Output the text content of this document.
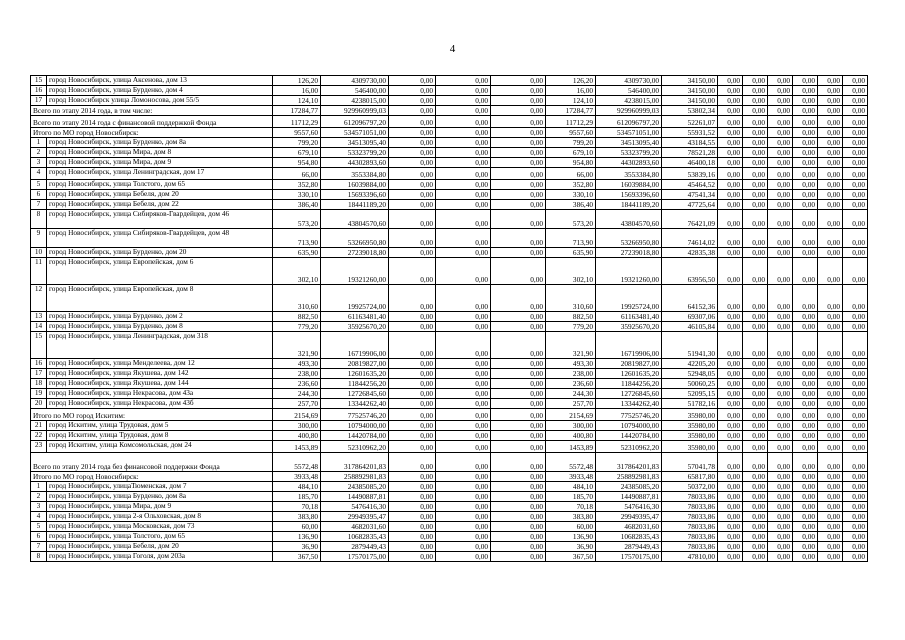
4
15	город Новосибирск, улица Аксенова, дом 13	126,20	4309730,00	0,00	0,00	0,00	126,20	4309730,00	34150,00	0,00	0,00	0,00	0,00	0,00	0,00
16	город Новосибирск, улица Бурденко, дом 4	16,00	546400,00	0,00	0,00	0,00	16,00	546400,00	34150,00	0,00	0,00	0,00	0,00	0,00	0,00
17	город Новосибирск улица Ломоносова, дом 55/5	124,10	4238015,00	0,00	0,00	0,00	124,10	4238015,00	34150,00	0,00	0,00	0,00	0,00	0,00	0,00
Всего по этапу 2014 года, в том числе:		17284,77	929960999,03	0,00	0,00	0,00	17284,77	929960999,03	53802,34	0,00	0,00	0,00	0,00	0,00	0,00
Всего по этапу 2014 года с финансовой поддержкой Фонда		11712,29	612096797,20	0,00	0,00	0,00	11712,29	612096797,20	52261,07	0,00	0,00	0,00	0,00	0,00	0,00
Итого по МО город Новосибирск:		9557,60	534571051,00	0,00	0,00	0,00	9557,60	534571051,00	55931,52	0,00	0,00	0,00	0,00	0,00	0,00
1	город Новосибирск, улица Бурденко, дом 8а	799,20	34513095,40	0,00	0,00	0,00	799,20	34513095,40	43184,55	0,00	0,00	0,00	0,00	0,00	0,00
2	город Новосибирск, улица Мира, дом 8	679,10	53323799,20	0,00	0,00	0,00	679,10	53323799,20	78521,28	0,00	0,00	0,00	0,00	0,00	0,00
3	город Новосибирск, улица Мира, дом 9	954,80	44302893,60	0,00	0,00	0,00	954,80	44302893,60	46400,18	0,00	0,00	0,00	0,00	0,00	0,00
4	город Новосибирск, улица Ленинградская, дом 17	66,00	3553384,80	0,00	0,00	0,00	66,00	3553384,80	53839,16	0,00	0,00	0,00	0,00	0,00	0,00
5	город Новосибирск, улица Толстого, дом 65	352,80	16039884,00	0,00	0,00	0,00	352,80	16039884,00	45464,52	0,00	0,00	0,00	0,00	0,00	0,00
6	город Новосибирск, улица Бебеля, дом 20	330,10	15693396,60	0,00	0,00	0,00	330,10	15693396,60	47541,34	0,00	0,00	0,00	0,00	0,00	0,00
7	город Новосибирск, улица Бебеля, дом 22	386,40	18441189,20	0,00	0,00	0,00	386,40	18441189,20	47725,64	0,00	0,00	0,00	0,00	0,00	0,00
8	город Новосибирск, улица Сибиряков-Гвардейцев, дом 46	573,20	43804570,60	0,00	0,00	0,00	573,20	43804570,60	76421,09	0,00	0,00	0,00	0,00	0,00	0,00
9	город Новосибирск, улица Сибиряков-Гвардейцев, дом 48	713,90	53266950,80	0,00	0,00	0,00	713,90	53266950,80	74614,02	0,00	0,00	0,00	0,00	0,00	0,00
10	город Новосибирск, улица Бурденко, дом 20	635,90	27239018,80	0,00	0,00	0,00	635,90	27239018,80	42835,38	0,00	0,00	0,00	0,00	0,00	0,00
11	город Новосибирск, улица Европейская, дом 6	302,10	19321260,00	0,00	0,00	0,00	302,10	19321260,00	63956,50	0,00	0,00	0,00	0,00	0,00	0,00
12	город Новосибирск, улица Европейская, дом 8	310,60	19925724,00	0,00	0,00	0,00	310,60	19925724,00	64152,36	0,00	0,00	0,00	0,00	0,00	0,00
13	город Новосибирск, улица Бурденко, дом 2	882,50	61163481,40	0,00	0,00	0,00	882,50	61163481,40	69307,06	0,00	0,00	0,00	0,00	0,00	0,00
14	город Новосибирск, улица Бурденко, дом 8	779,20	35925670,20	0,00	0,00	0,00	779,20	35925670,20	46105,84	0,00	0,00	0,00	0,00	0,00	0,00
15	город Новосибирск, улица Ленинградская, дом 318	321,90	16719906,00	0,00	0,00	0,00	321,90	16719906,00	51941,30	0,00	0,00	0,00	0,00	0,00	0,00
16	город Новосибирск, улица Менделеева, дом 12	493,30	20819827,00	0,00	0,00	0,00	493,30	20819827,00	42205,20	0,00	0,00	0,00	0,00	0,00	0,00
17	город Новосибирск, улица Якушева, дом 142	238,00	12601635,20	0,00	0,00	0,00	238,00	12601635,20	52948,05	0,00	0,00	0,00	0,00	0,00	0,00
18	город Новосибирск, улица Якушева, дом 144	236,60	11844256,20	0,00	0,00	0,00	236,60	11844256,20	50060,25	0,00	0,00	0,00	0,00	0,00	0,00
19	город Новосибирск, улица Некрасова, дом 43а	244,30	12726845,60	0,00	0,00	0,00	244,30	12726845,60	52095,15	0,00	0,00	0,00	0,00	0,00	0,00
20	город Новосибирск, улица Некрасова, дом 43б	257,70	13344262,40	0,00	0,00	0,00	257,70	13344262,40	51782,16	0,00	0,00	0,00	0,00	0,00	0,00
Итого по МО город Искитим:		2154,69	77525746,20	0,00	0,00	0,00	2154,69	77525746,20	35980,00	0,00	0,00	0,00	0,00	0,00	0,00
21	город Искитим, улица Трудовая, дом 5	300,00	10794000,00	0,00	0,00	0,00	300,00	10794000,00	35980,00	0,00	0,00	0,00	0,00	0,00	0,00
22	город Искитим, улица Трудовая, дом 8	400,80	14420784,00	0,00	0,00	0,00	400,80	14420784,00	35980,00	0,00	0,00	0,00	0,00	0,00	0,00
23	город Искитим, улица Комсомольская, дом 24	1453,89	52310962,20	0,00	0,00	0,00	1453,89	52310962,20	35980,00	0,00	0,00	0,00	0,00	0,00	0,00
Всего по этапу 2014 года без финансовой поддержки Фонда		5572,48	317864201,83	0,00	0,00	0,00	5572,48	317864201,83	57041,78	0,00	0,00	0,00	0,00	0,00	0,00
Итого по МО город Новосибирск:		3933,48	258892981,83	0,00	0,00	0,00	3933,48	258892981,83	65817,80	0,00	0,00	0,00	0,00	0,00	0,00
1	город Новосибирск, улицаТюменская, дом 7	484,10	24385085,20	0,00	0,00	0,00	484,10	24385085,20	50372,00	0,00	0,00	0,00	0,00	0,00	0,00
2	город Новосибирск, улица Бурденко, дом 8а	185,70	14490887,81	0,00	0,00	0,00	185,70	14490887,81	78033,86	0,00	0,00	0,00	0,00	0,00	0,00
3	город Новосибирск, улица Мира, дом 9	70,18	5476416,30	0,00	0,00	0,00	70,18	5476416,30	78033,86	0,00	0,00	0,00	0,00	0,00	0,00
4	город Новосибирск, улица 2-я Ольховская, дом 8	383,80	29949395,47	0,00	0,00	0,00	383,80	29949395,47	78033,86	0,00	0,00	0,00	0,00	0,00	0,00
5	город Новосибирск, улица Московская, дом 73	60,00	4682031,60	0,00	0,00	0,00	60,00	4682031,60	78033,86	0,00	0,00	0,00	0,00	0,00	0,00
6	город Новосибирск, улица Толстого, дом 65	136,90	10682835,43	0,00	0,00	0,00	136,90	10682835,43	78033,86	0,00	0,00	0,00	0,00	0,00	0,00
7	город Новосибирск, улица Бебеля, дом 20	36,90	2879449,43	0,00	0,00	0,00	36,90	2879449,43	78033,86	0,00	0,00	0,00	0,00	0,00	0,00
8	город Новосибирск, улица Гоголя, дом 203а	367,50	17570175,00	0,00	0,00	0,00	367,50	17570175,00	47810,00	0,00	0,00	0,00	0,00	0,00	0,00
